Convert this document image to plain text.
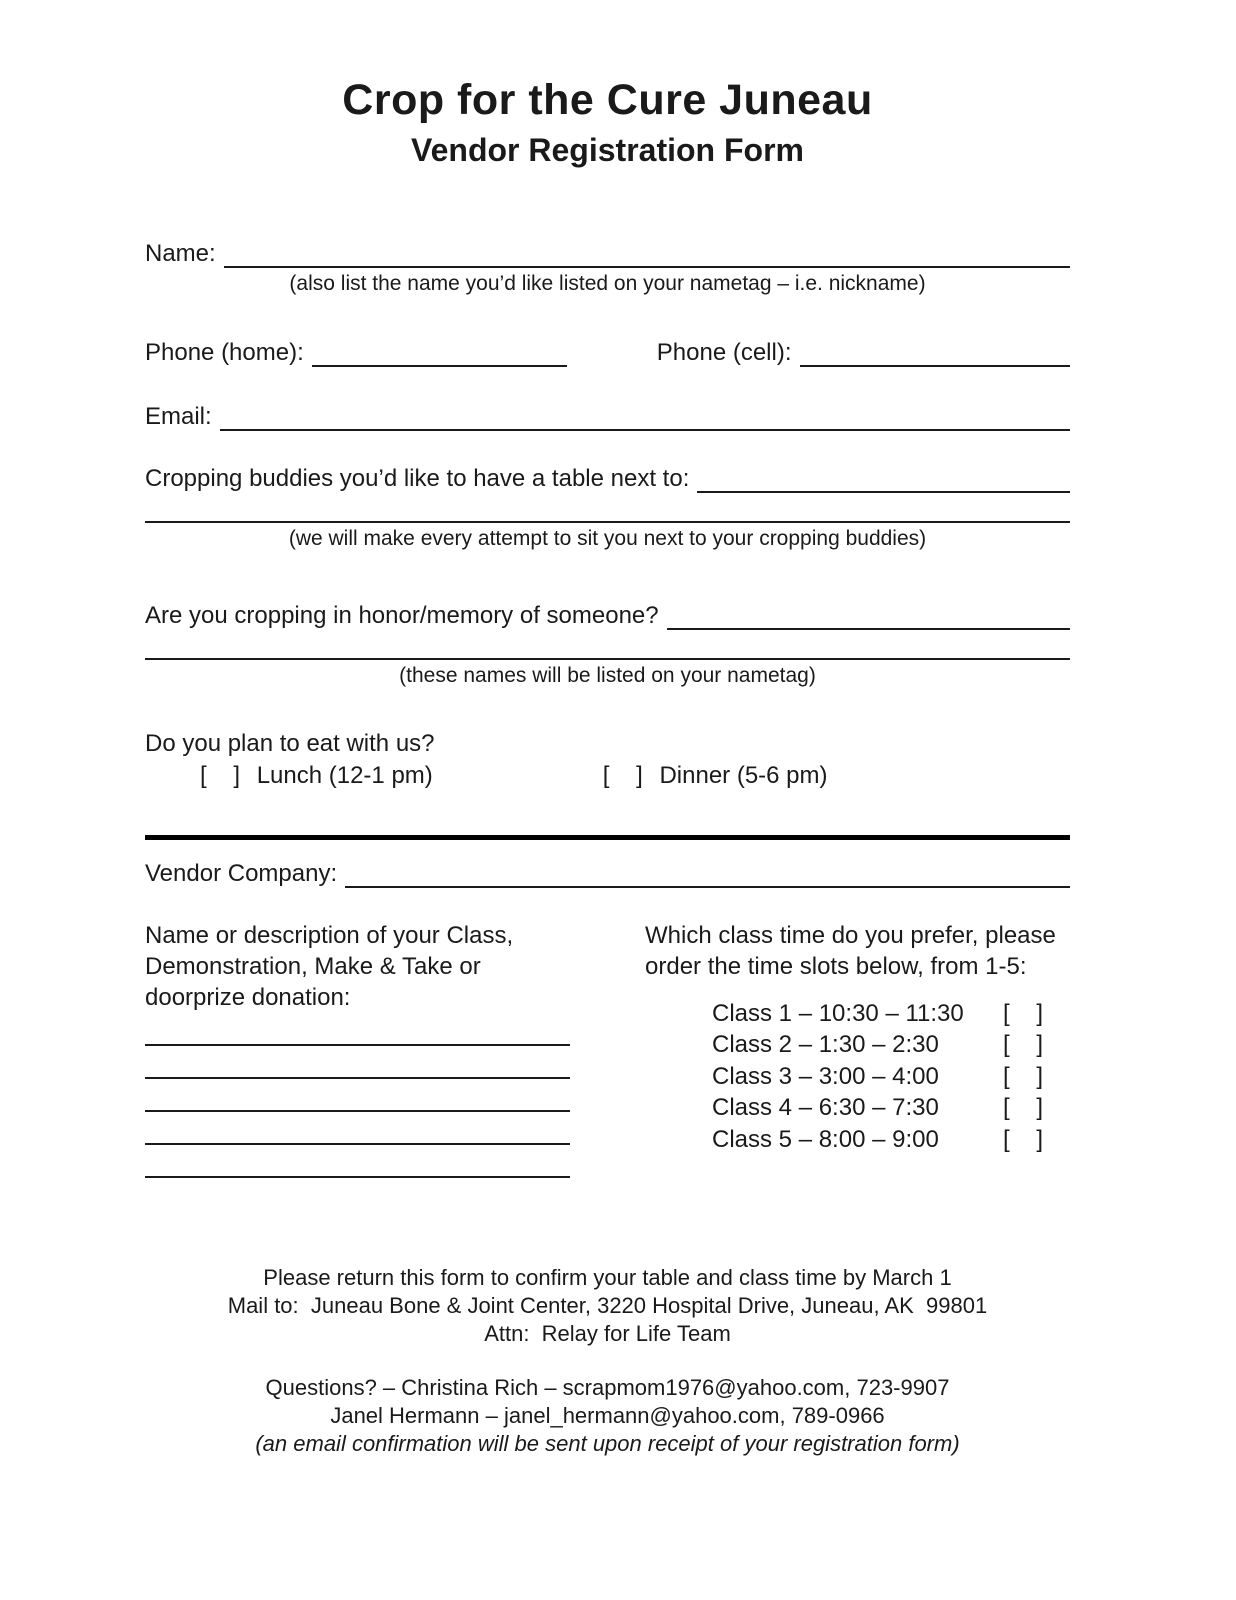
Crop for the Cure Juneau
Vendor Registration Form
Name:
(also list the name you’d like listed on your nametag – i.e. nickname)
Phone (home):	Phone (cell):
Email:
Cropping buddies you’d like to have a table next to:
(we will make every attempt to sit you next to your cropping buddies)
Are you cropping in honor/memory of someone?
(these names will be listed on your nametag)
Do you plan to eat with us?
[    ] Lunch (12-1 pm)	[    ] Dinner (5-6 pm)
Vendor Company:
Name or description of your Class,
Demonstration, Make & Take or
doorprize donation:
Which class time do you prefer, please
order the time slots below, from 1-5:
Class 1 – 10:30 – 11:30	[    ]
Class 2 – 1:30 – 2:30	[    ]
Class 3 – 3:00 – 4:00	[    ]
Class 4 – 6:30 – 7:30	[    ]
Class 5 – 8:00 – 9:00	[    ]
Please return this form to confirm your table and class time by March 1
Mail to:  Juneau Bone & Joint Center, 3220 Hospital Drive, Juneau, AK  99801
Attn:  Relay for Life Team
Questions? – Christina Rich – scrapmom1976@yahoo.com, 723-9907
Janel Hermann – janel_hermann@yahoo.com, 789-0966
(an email confirmation will be sent upon receipt of your registration form)
